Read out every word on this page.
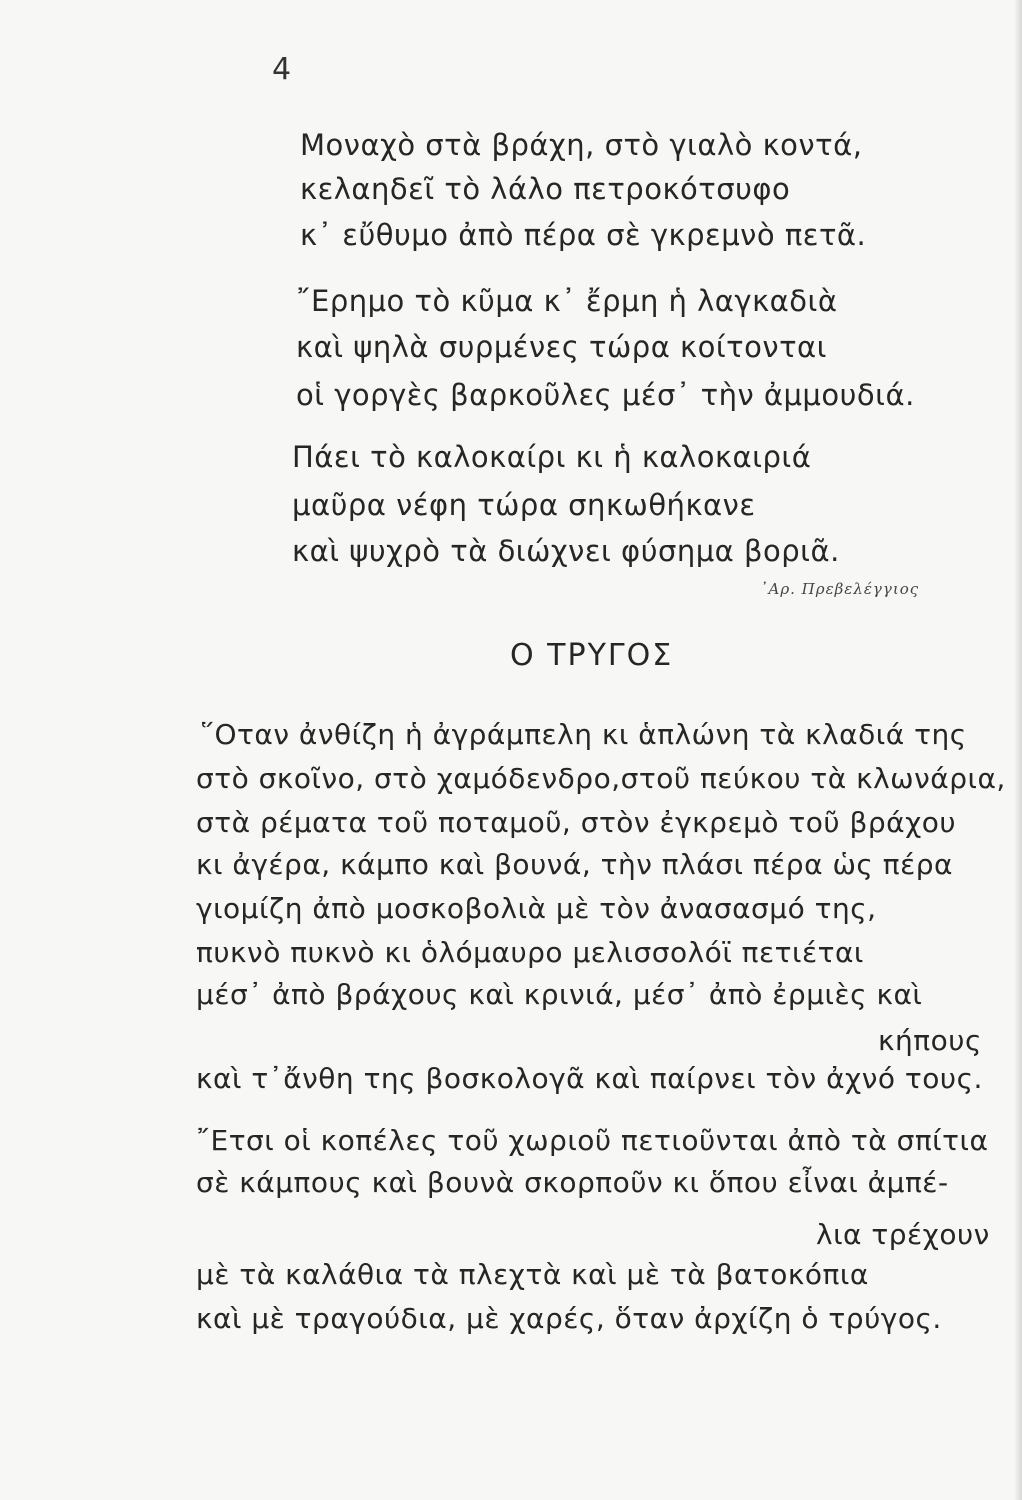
4
Μοναχὸ στὰ βράχη, στὸ γιαλὸ κοντά,
κελαηδεῖ τὸ λάλο πετροκότσυφο
κ᾽ εὔθυμο ἀπὸ πέρα σὲ γκρεμνὸ πετᾶ.
῎Ερημο τὸ κῦμα κ᾽ ἔρμη ἡ λαγκαδιὰ
καὶ ψηλὰ συρμένες τώρα κοίτονται
οἱ γοργὲς βαρκοῦλες μέσ᾽ τὴν ἀμμουδιά.
Πάει τὸ καλοκαίρι κι ἡ καλοκαιριά
μαῦρα νέφη τώρα σηκωθήκανε
καὶ ψυχρὸ τὰ διώχνει φύσημα βοριᾶ.
᾽Αρ. Πρεβελέγγιος
Ο ΤΡΥΓΟΣ
῞Οταν ἀνθίζη ἡ ἀγράμπελη κι ἁπλώνη τὰ κλαδιά της
στὸ σκοῖνο, στὸ χαμόδενδρο,στοῦ πεύκου τὰ κλωνάρια,
στὰ ρέματα τοῦ ποταμοῦ, στὸν ἐγκρεμὸ τοῦ βράχου
κι ἀγέρα, κάμπο καὶ βουνά, τὴν πλάσι πέρα ὡς πέρα
γιομίζη ἀπὸ μοσκοβολιὰ μὲ τὸν ἀνασασμό της,
πυκνὸ πυκνὸ κι ὁλόμαυρο μελισσολόϊ πετιέται
μέσ᾽ ἀπὸ βράχους καὶ κρινιά, μέσ᾽ ἀπὸ ἐρμιὲς καὶ
κήπους
καὶ τ᾽ἄνθη της βοσκολογᾶ καὶ παίρνει τὸν ἀχνό τους.
῎Ετσι οἱ κοπέλες τοῦ χωριοῦ πετιοῦνται ἀπὸ τὰ σπίτια
σὲ κάμπους καὶ βουνὰ σκορποῦν κι ὅπου εἶναι ἀμπέ-
λια τρέχουν
μὲ τὰ καλάθια τὰ πλεχτὰ καὶ μὲ τὰ βατοκόπια
καὶ μὲ τραγούδια, μὲ χαρές, ὅταν ἀρχίζη ὁ τρύγος.
